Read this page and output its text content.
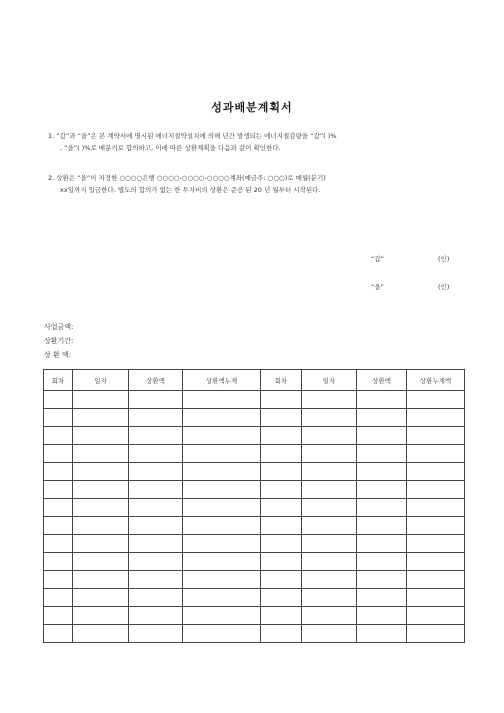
성과배분계획서
1. “갑”과 “을”은 본 계약서에 명시된 에너지절약설치에 의해 년간 발생되는 에너지절감량을 “갑”( )%
, “을”( )%로 배분키로 합의하고, 이에 따른 상환계획을 다음과 같이 확인한다.
2. 상환은 “을”이 지정한 ○○○○은행 ○○○○-○○○○-○○○○계좌(예금주: ○○○)로 매월(분기)
xx일까지 입금한다. 별도의 합의가 없는 한 투자비의 상환은 준공 된 20 년 월부터 시작된다.
“갑”	(인)
“을”	(인)
사업금액:
상환기간:
상 환 액:
회차	일자	상환액	상환액누계	회차	일자	상환액	상환누계액
